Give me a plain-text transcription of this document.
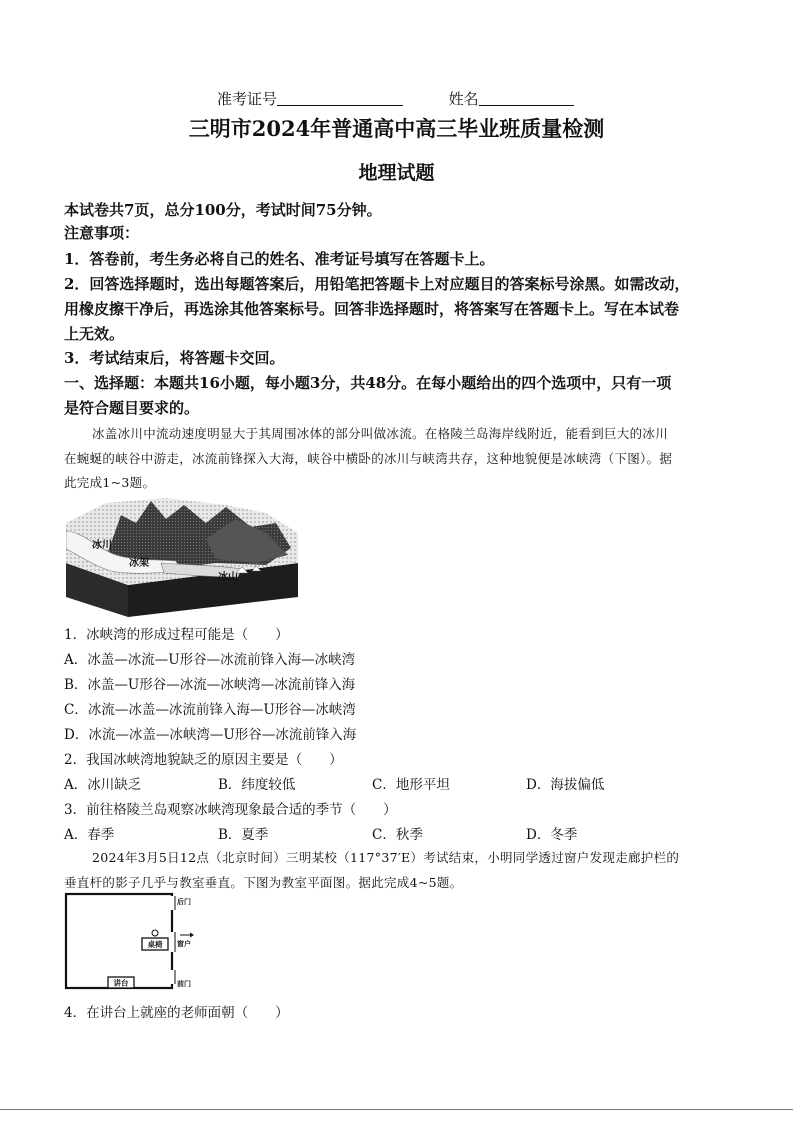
准考证号	姓名
三明市2024年普通高中高三毕业班质量检测
地理试题
本试卷共7页，总分100分，考试时间75分钟。
注意事项：
1．答卷前，考生务必将自己的姓名、准考证号填写在答题卡上。
2．回答选择题时，选出每题答案后，用铅笔把答题卡上对应题目的答案标号涂黑。如需改动，
用橡皮擦干净后，再选涂其他答案标号。回答非选择题时，将答案写在答题卡上。写在本试卷
上无效。
3．考试结束后，将答题卡交回。
一、选择题：本题共16小题，每小题3分，共48分。在每小题给出的四个选项中，只有一项
是符合题目要求的。
冰盖冰川中流动速度明显大于其周围冰体的部分叫做冰流。在格陵兰岛海岸线附近，能看到巨大的冰川
在蜿蜒的峡谷中游走，冰流前锋探入大海，峡谷中横卧的冰川与峡湾共存，这种地貌便是冰峡湾（下图）。据
此完成1~3题。
冰川
冰架
冰山
1．冰峡湾的形成过程可能是（　　）
A．冰盖—冰流—U形谷—冰流前锋入海—冰峡湾
B．冰盖—U形谷—冰流—冰峡湾—冰流前锋入海
C．冰流—冰盖—冰流前锋入海—U形谷—冰峡湾
D．冰流—冰盖—冰峡湾—U形谷—冰流前锋入海
2．我国冰峡湾地貌缺乏的原因主要是（　　）
A．冰川缺乏	B．纬度较低	C．地形平坦	D．海拔偏低
3．前往格陵兰岛观察冰峡湾现象最合适的季节（　　）
A．春季	B．夏季	C．秋季	D．冬季
2024年3月5日12点（北京时间）三明某校（117°37′E）考试结束，小明同学透过窗户发现走廊护栏的
垂直杆的影子几乎与教室垂直。下图为教室平面图。据此完成4~5题。
桌椅
讲台
后门
窗户
前门
4．在讲台上就座的老师面朝（　　）
